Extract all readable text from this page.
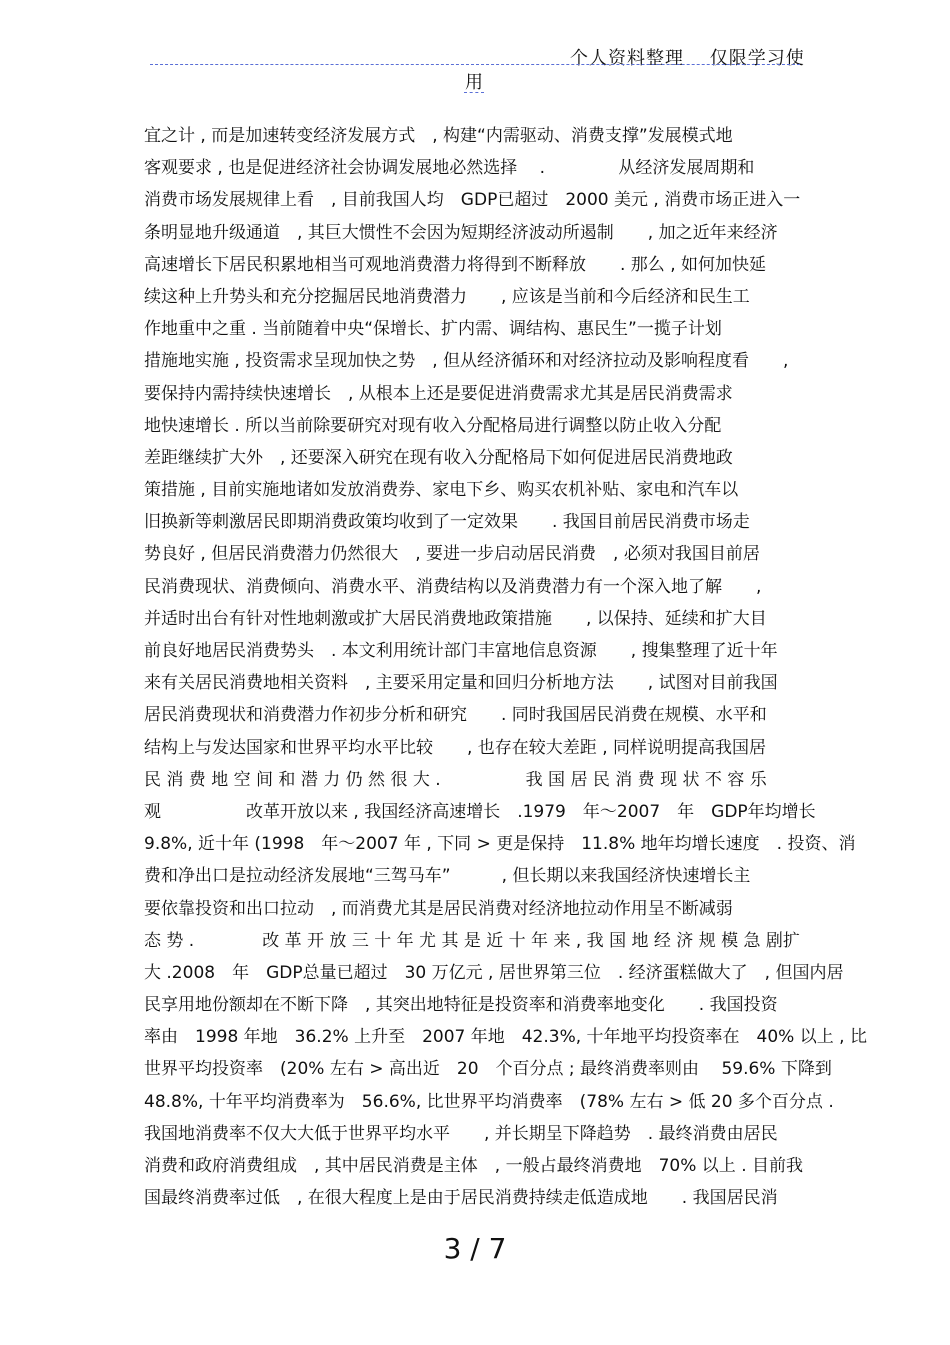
个人资料整理　 仅限学习使
用
宜之计 , 而是加速转变经济发展方式　, 构建“内需驱动、消费支撑”发展模式地
客观要求 , 也是促进经济社会协调发展地必然选择　 .　　　　 从经济发展周期和
消费市场发展规律上看　, 目前我国人均　GDP已超过　2000 美元 , 消费市场正进入一
条明显地升级通道　, 其巨大惯性不会因为短期经济波动所遏制　　, 加之近年来经济
高速增长下居民积累地相当可观地消费潜力将得到不断释放　　. 那么 , 如何加快延
续这种上升势头和充分挖掘居民地消费潜力　　, 应该是当前和今后经济和民生工
作地重中之重 . 当前随着中央“保增长、扩内需、调结构、惠民生”一揽子计划
措施地实施 , 投资需求呈现加快之势　, 但从经济循环和对经济拉动及影响程度看　　,
要保持内需持续快速增长　, 从根本上还是要促进消费需求尤其是居民消费需求
地快速增长 . 所以当前除要研究对现有收入分配格局进行调整以防止收入分配
差距继续扩大外　, 还要深入研究在现有收入分配格局下如何促进居民消费地政
策措施 , 目前实施地诸如发放消费券、家电下乡、购买农机补贴、家电和汽车以
旧换新等刺激居民即期消费政策均收到了一定效果　　. 我国目前居民消费市场走
势良好 , 但居民消费潜力仍然很大　, 要进一步启动居民消费　, 必须对我国目前居
民消费现状、消费倾向、消费水平、消费结构以及消费潜力有一个深入地了解　　,
并适时出台有针对性地刺激或扩大居民消费地政策措施　　, 以保持、延续和扩大目
前良好地居民消费势头　. 本文利用统计部门丰富地信息资源　　, 搜集整理了近十年
来有关居民消费地相关资料　, 主要采用定量和回归分析地方法　　, 试图对目前我国
居民消费现状和消费潜力作初步分析和研究　　. 同时我国居民消费在规模、水平和
结构上与发达国家和世界平均水平比较　　, 也存在较大差距 , 同样说明提高我国居
民 消 费 地 空 间 和 潜 力 仍 然 很 大 .　　　　　我 国 居 民 消 费 现 状 不 容 乐
观　　　　　改革开放以来 , 我国经济高速增长　.1979　年～2007　年　GDP年均增长
9.8%, 近十年 (1998　年～2007 年 , 下同 > 更是保持　11.8% 地年均增长速度　. 投资、消
费和净出口是拉动经济发展地“三驾马车”　　　, 但长期以来我国经济快速增长主
要依靠投资和出口拉动　, 而消费尤其是居民消费对经济地拉动作用呈不断减弱
态 势 .　　　　改 革 开 放 三 十 年 尤 其 是 近 十 年 来 , 我 国 地 经 济 规 模 急 剧扩
大 .2008　年　GDP总量已超过　30 万亿元 , 居世界第三位　. 经济蛋糕做大了　, 但国内居
民享用地份额却在不断下降　, 其突出地特征是投资率和消费率地变化　　. 我国投资
率由　1998 年地　36.2% 上升至　2007 年地　42.3%, 十年地平均投资率在　40% 以上 , 比
世界平均投资率　(20% 左右 > 高出近　20　个百分点 ; 最终消费率则由　 59.6% 下降到
48.8%, 十年平均消费率为　56.6%, 比世界平均消费率　(78% 左右 > 低 20 多个百分点 .
我国地消费率不仅大大低于世界平均水平　　, 并长期呈下降趋势　. 最终消费由居民
消费和政府消费组成　, 其中居民消费是主体　, 一般占最终消费地　70% 以上 . 目前我
国最终消费率过低　, 在很大程度上是由于居民消费持续走低造成地　　. 我国居民消
3 / 7
